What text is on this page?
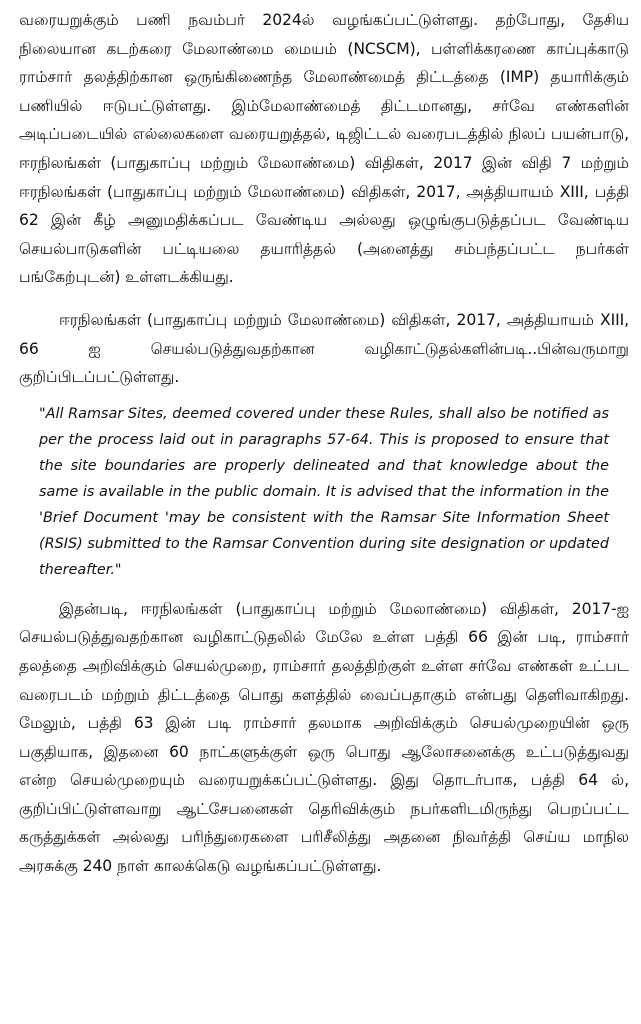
வரையறுக்கும் பணி நவம்பர் 2024ல் வழங்கப்பட்டுள்ளது. தற்போது, தேசிய நிலையான கடற்கரை மேலாண்மை மையம் (NCSCM), பள்ளிக்கரணை காப்புக்காடு ராம்சார் தலத்திற்கான ஒருங்கிணைந்த மேலாண்மைத் திட்டத்தை (IMP) தயாரிக்கும் பணியில் ஈடுபட்டுள்ளது. இம்மேலாண்மைத் திட்டமானது, சர்வே எண்களின் அடிப்படையில் எல்லைகளை வரையறுத்தல், டிஜிட்டல் வரைபடத்தில் நிலப் பயன்பாடு, ஈரநிலங்கள் (பாதுகாப்பு மற்றும் மேலாண்மை) விதிகள், 2017 இன் விதி 7 மற்றும் ஈரநிலங்கள் (பாதுகாப்பு மற்றும் மேலாண்மை) விதிகள், 2017, அத்தியாயம் XIII, பத்தி 62 இன் கீழ் அனுமதிக்கப்பட வேண்டிய அல்லது ஒழுங்குபடுத்தப்பட வேண்டிய செயல்பாடுகளின் பட்டியலை தயாரித்தல் (அனைத்து சம்பந்தப்பட்ட நபர்கள் பங்கேற்புடன்) உள்ளடக்கியது.

ஈரநிலங்கள் (பாதுகாப்பு மற்றும் மேலாண்மை) விதிகள், 2017, அத்தியாயம் XIII, 66 ஐ செயல்படுத்துவதற்கான வழிகாட்டுதல்களின்படி..பின்வருமாறு குறிப்பிடப்பட்டுள்ளது.

"All Ramsar Sites, deemed covered under these Rules, shall also be notified as per the process laid out in paragraphs 57-64. This is proposed to ensure that the site boundaries are properly delineated and that knowledge about the same is available in the public domain. It is advised that the information in the 'Brief Document 'may be consistent with the Ramsar Site Information Sheet (RSIS) submitted to the Ramsar Convention during site designation or updated thereafter."

இதன்படி, ஈரநிலங்கள் (பாதுகாப்பு மற்றும் மேலாண்மை) விதிகள், 2017-ஐ செயல்படுத்துவதற்கான வழிகாட்டுதலில் மேலே உள்ள பத்தி 66 இன் படி, ராம்சார் தலத்தை அறிவிக்கும் செயல்முறை, ராம்சார் தலத்திற்குள் உள்ள சர்வே எண்கள் உட்பட வரைபடம் மற்றும் திட்டத்தை பொது களத்தில் வைப்பதாகும் என்பது தெளிவாகிறது. மேலும், பத்தி 63 இன் படி ராம்சார் தலமாக அறிவிக்கும் செயல்முறையின் ஒரு பகுதியாக, இதனை 60 நாட்களுக்குள் ஒரு பொது ஆலோசனைக்கு உட்படுத்துவது என்ற செயல்முறையும் வரையறுக்கப்பட்டுள்ளது. இது தொடர்பாக, பத்தி 64 ல், குறிப்பிட்டுள்ளவாறு ஆட்சேபனைகள் தெரிவிக்கும் நபர்களிடமிருந்து பெறப்பட்ட கருத்துக்கள் அல்லது பரிந்துரைகளை பரிசீலித்து அதனை நிவர்த்தி செய்ய மாநில அரசுக்கு 240 நாள் காலக்கெடு வழங்கப்பட்டுள்ளது.
